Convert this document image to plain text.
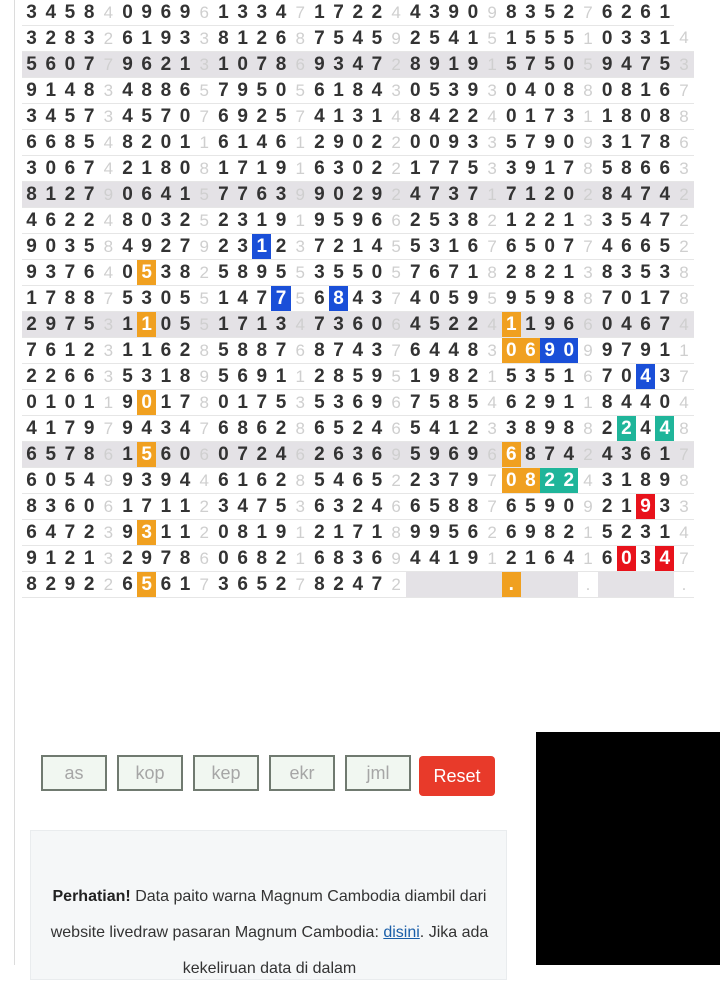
3	4	5	8	4	0	9	6	9	6	1	3	3	4	7	1	7	2	2	4	4	3	9	0	9	8	3	5	2	7	6	2	6	1	
3	2	8	3	2	6	1	9	3	3	8	1	2	6	8	7	5	4	5	9	2	5	4	1	5	1	5	5	5	1	0	3	3	1	4
5	6	0	7	7	9	6	2	1	3	1	0	7	8	6	9	3	4	7	2	8	9	1	9	1	5	7	5	0	5	9	4	7	5	3
9	1	4	8	3	4	8	8	6	5	7	9	5	0	5	6	1	8	4	3	0	5	3	9	3	0	4	0	8	8	0	8	1	6	7
3	4	5	7	3	4	5	7	0	7	6	9	2	5	7	4	1	3	1	4	8	4	2	2	4	0	1	7	3	1	1	8	0	8	8
6	6	8	5	4	8	2	0	1	1	6	1	4	6	1	2	9	0	2	2	0	0	9	3	3	5	7	9	0	9	3	1	7	8	6
3	0	6	7	4	2	1	8	0	8	1	7	1	9	1	6	3	0	2	2	1	7	7	5	3	3	9	1	7	8	5	8	6	6	3
8	1	2	7	9	0	6	4	1	5	7	7	6	3	9	9	0	2	9	2	4	7	3	7	1	7	1	2	0	2	8	4	7	4	2
4	6	2	2	4	8	0	3	2	5	2	3	1	9	1	9	5	9	6	6	2	5	3	8	2	1	2	2	1	3	3	5	4	7	2
9	0	3	5	8	4	9	2	7	9	2	3	1	2	3	7	2	1	4	5	5	3	1	6	7	6	5	0	7	7	4	6	6	5	2
9	3	7	6	4	0	5	3	8	2	5	8	9	5	5	3	5	5	0	5	7	6	7	1	8	2	8	2	1	3	8	3	5	3	8
1	7	8	8	7	5	3	0	5	5	1	4	7	7	5	6	8	4	3	7	4	0	5	9	5	9	5	9	8	8	7	0	1	7	8
2	9	7	5	3	1	1	0	5	5	1	7	1	3	4	7	3	6	0	6	4	5	2	2	4	1	1	9	6	6	0	4	6	7	4
7	6	1	2	3	1	1	6	2	8	5	8	8	7	6	8	7	4	3	7	6	4	4	8	3	0	6	9	0	9	9	7	9	1	1
2	2	6	6	3	5	3	1	8	9	5	6	9	1	1	2	8	5	9	5	1	9	8	2	1	5	3	5	1	6	7	0	4	3	7
0	1	0	1	1	9	0	1	7	8	0	1	7	5	3	5	3	6	9	6	7	5	8	5	4	6	2	9	1	1	8	4	4	0	4
4	1	7	9	7	9	4	3	4	7	6	8	6	2	8	6	5	2	4	6	5	4	1	2	3	3	8	9	8	8	2	2	4	4	8
6	5	7	8	6	1	5	6	0	6	0	7	2	4	6	2	6	3	6	9	5	9	6	9	6	6	8	7	4	2	4	3	6	1	7
6	0	5	4	9	9	3	9	4	4	6	1	6	2	8	5	4	6	5	2	2	3	7	9	7	0	8	2	2	4	3	1	8	9	8
8	3	6	0	6	1	7	1	1	2	3	4	7	5	3	6	3	2	4	6	6	5	8	8	7	6	5	9	0	9	2	1	9	3	3
6	4	7	2	3	9	3	1	1	2	0	8	1	9	1	2	1	7	1	8	9	9	5	6	2	6	9	8	2	1	5	2	3	1	4
9	1	2	1	3	2	9	7	8	6	0	6	8	2	1	6	8	3	6	9	4	4	1	9	1	2	1	6	4	1	6	0	3	4	7
8	2	9	2	2	6	5	6	1	7	3	6	5	2	7	8	2	4	7	2						.				.					.
as	kop	kep	ekr	jml	Reset
Perhatian! Data paito warna Magnum Cambodia diambil dari website livedraw pasaran Magnum Cambodia: disini. Jika ada kekeliruan data di dalam
